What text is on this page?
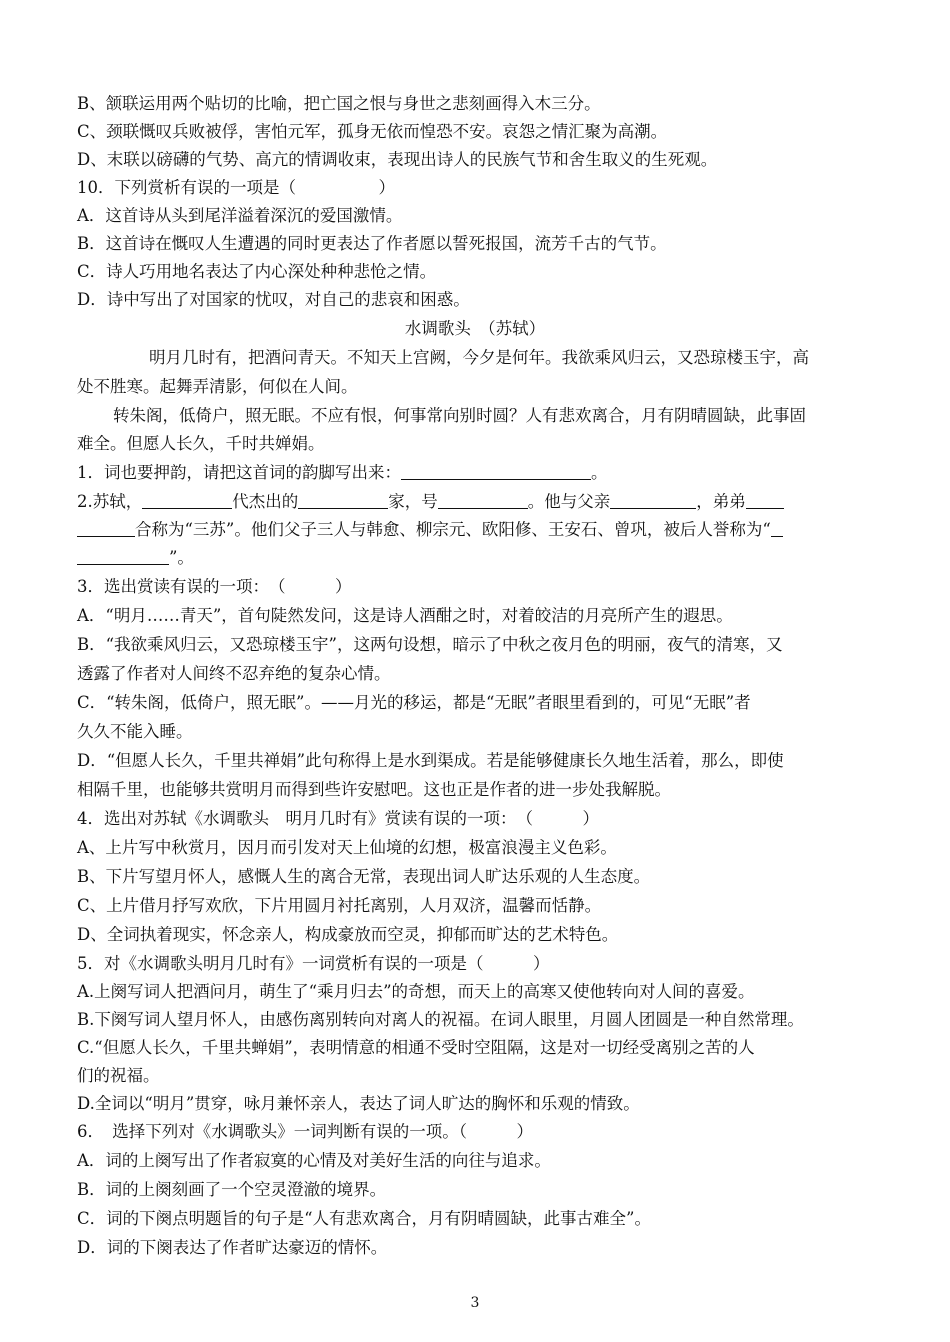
B、颔联运用两个贴切的比喻，把亡国之恨与身世之悲刻画得入木三分。
C、颈联慨叹兵败被俘，害怕元军，孤身无依而惶恐不安。哀怨之情汇聚为高潮。
D、末联以磅礴的气势、高亢的情调收束，表现出诗人的民族气节和舍生取义的生死观。
10．下列赏析有误的一项是（　　　　　）
A．这首诗从头到尾洋溢着深沉的爱国激情。
B．这首诗在慨叹人生遭遇的同时更表达了作者愿以誓死报国，流芳千古的气节。
C．诗人巧用地名表达了内心深处种种悲怆之情。
D．诗中写出了对国家的忧叹，对自己的悲哀和困惑。
水调歌头　（苏轼）
明月几时有，把酒问青天。不知天上宫阙，今夕是何年。我欲乘风归云，又恐琼楼玉宇，高
处不胜寒。起舞弄清影，何似在人间。
转朱阁，低倚户，照无眠。不应有恨，何事常向别时圆？人有悲欢离合，月有阴晴圆缺，此事固
难全。但愿人长久，千时共婵娟。
1．词也要押韵，请把这首词的韵脚写出来：	。
2.苏轼，	代杰出的	家，号	。他与父亲	，弟弟
合称为“三苏”。他们父子三人与韩愈、柳宗元、欧阳修、王安石、曾巩，被后人誉称为“
”。
3．选出赏读有误的一项：　（　　　）
A．“明月……青天”，首句陡然发问，这是诗人酒酣之时，对着皎洁的月亮所产生的遐思。
B．“我欲乘风归云，又恐琼楼玉宇”，这两句设想，暗示了中秋之夜月色的明丽，夜气的清寒，又
透露了作者对人间终不忍弃绝的复杂心情。
C．“转朱阁，低倚户，照无眠”。——月光的移运，都是“无眠”者眼里看到的，可见“无眠”者
久久不能入睡。
D．“但愿人长久，千里共禅娟”此句称得上是水到渠成。若是能够健康长久地生活着，那么，即使
相隔千里，也能够共赏明月而得到些许安慰吧。这也正是作者的进一步处我解脱。
4．选出对苏轼《水调歌头　明月几时有》赏读有误的一项：　（　　　）
A、上片写中秋赏月，因月而引发对天上仙境的幻想，极富浪漫主义色彩。
B、下片写望月怀人，感慨人生的离合无常，表现出词人旷达乐观的人生态度。
C、上片借月抒写欢欣，下片用圆月衬托离别，人月双济，温馨而恬静。
D、全词执着现实，怀念亲人，构成豪放而空灵，抑郁而旷达的艺术特色。
5．对《水调歌头明月几时有》一词赏析有误的一项是（　　　）
A.上阕写词人把酒问月，萌生了“乘月归去”的奇想，而天上的高寒又使他转向对人间的喜爱。
B.下阕写词人望月怀人，由感伤离别转向对离人的祝福。在词人眼里，月圆人团圆是一种自然常理。
C.“但愿人长久，千里共蝉娟”，表明情意的相通不受时空阻隔，这是对一切经受离别之苦的人
们的祝福。
D.全词以“明月”贯穿，咏月兼怀亲人，表达了词人旷达的胸怀和乐观的情致。
6．　选择下列对《水调歌头》一词判断有误的一项。（　　　）
A．词的上阕写出了作者寂寞的心情及对美好生活的向往与追求。
B．词的上阕刻画了一个空灵澄澈的境界。
C．词的下阕点明题旨的句子是“人有悲欢离合，月有阴晴圆缺，此事古难全”。
D．词的下阕表达了作者旷达豪迈的情怀。
3
